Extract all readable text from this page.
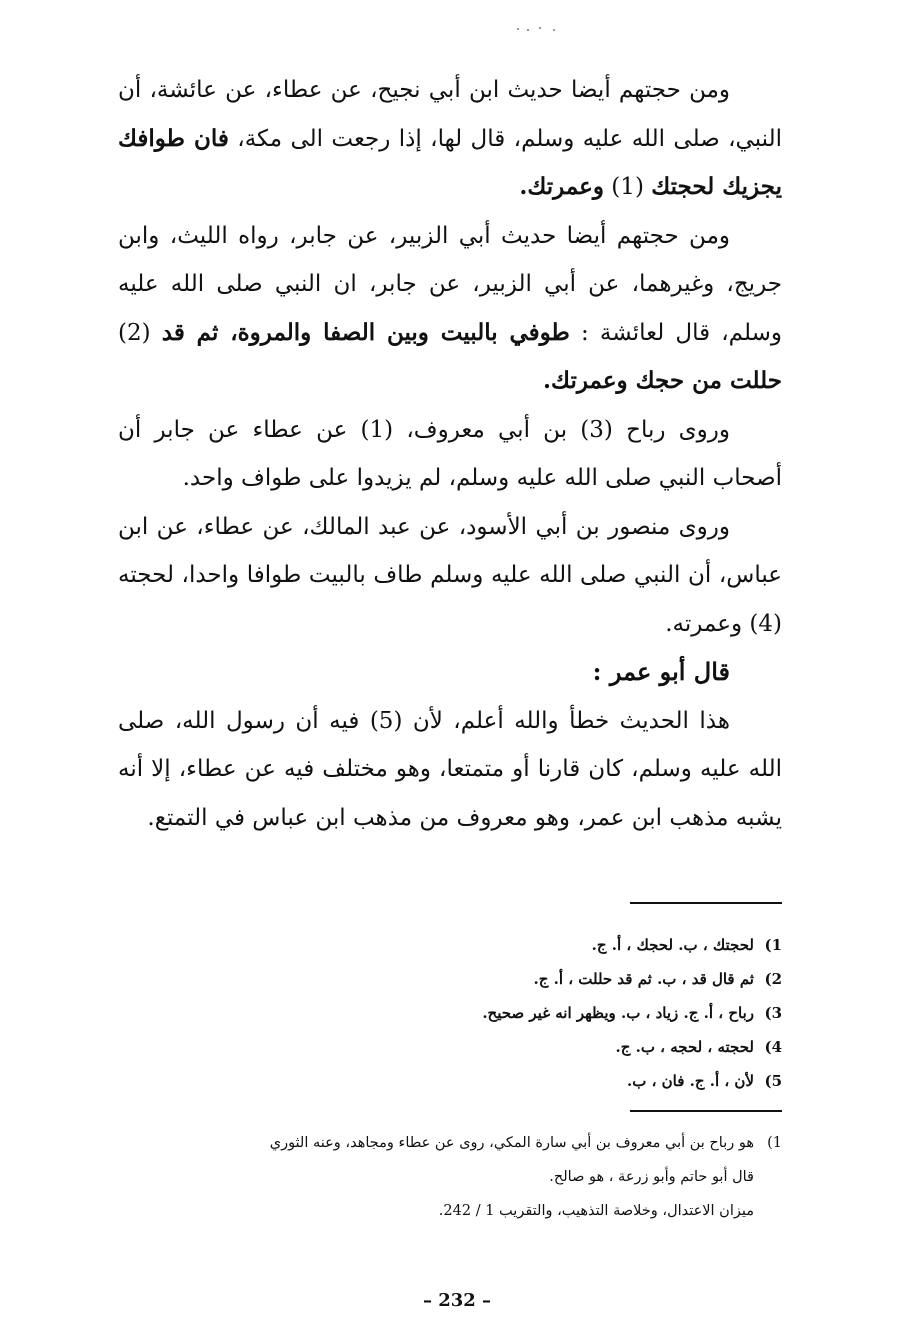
ومن حجتهم أيضا حديث ابن أبي نجيح، عن عطاء، عن عائشة، أن النبي، صلى الله عليه وسلم، قال لها، إذا رجعت الى مكة، فان طوافك يجزيك لحجتك (1) وعمرتك.

ومن حجتهم أيضا حديث أبي الزبير، عن جابر، رواه الليث، وابن جريج، وغيرهما، عن أبي الزبير، عن جابر، ان النبي صلى الله عليه وسلم، قال لعائشة : طوفي بالبيت وبين الصفا والمروة، ثم قد (2) حللت من حجك وعمرتك.

وروى رباح (3) بن أبي معروف، (1) عن عطاء عن جابر أن أصحاب النبي صلى الله عليه وسلم، لم يزيدوا على طواف واحد.

وروى منصور بن أبي الأسود، عن عبد المالك، عن عطاء، عن ابن عباس، أن النبي صلى الله عليه وسلم طاف بالبيت طوافا واحدا، لحجته (4) وعمرته.

قال أبو عمر :

هذا الحديث خطأ والله أعلم، لأن (5) فيه أن رسول الله، صلى الله عليه وسلم، كان قارنا أو متمتعا، وهو مختلف فيه عن عطاء، إلا أنه يشبه مذهب ابن عمر، وهو معروف من مذهب ابن عباس في التمتع.

1)
لحجتك ، ب. لحجك ، أ. ج.
2)
ثم قال قد ، ب. ثم قد حللت ، أ. ج.
3)
رباح ، أ. ج. زياد ، ب. ويظهر انه غير صحيح.
4)
لحجته ، لحجه ، ب. ج.
5)
لأن ، أ. ج. فان ، ب.
1)
هو رباح بن أبي معروف بن أبي سارة المكي، روى عن عطاء ومجاهد، وعنه الثوري
قال أبو حاتم وأبو زرعة ، هو صالح.
ميزان الاعتدال، وخلاصة التذهيب، والتقريب 1 / 242.
– 232 –
